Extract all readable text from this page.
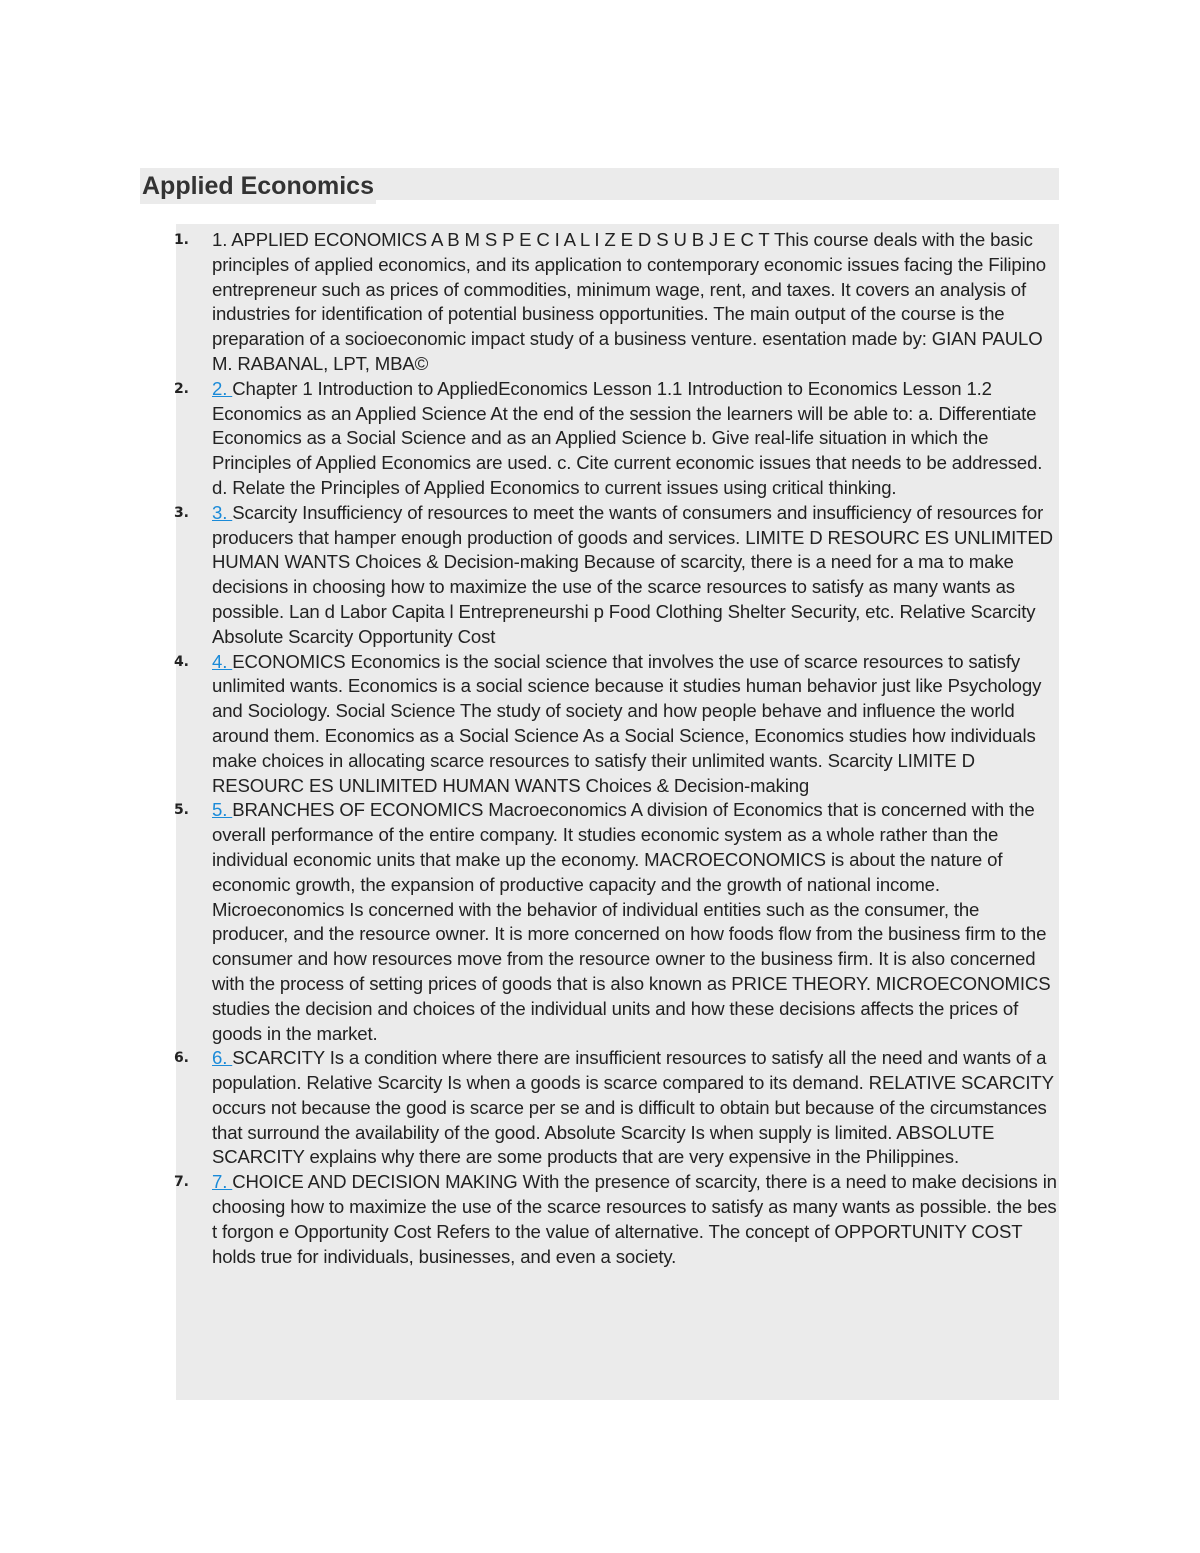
Applied Economics
1. 1. APPLIED ECONOMICS A B M S P E C I A L I Z E D S U B J E C T This course deals with the basic principles of applied economics, and its application to contemporary economic issues facing the Filipino entrepreneur such as prices of commodities, minimum wage, rent, and taxes. It covers an analysis of industries for identification of potential business opportunities. The main output of the course is the preparation of a socioeconomic impact study of a business venture. esentation made by: GIAN PAULO M. RABANAL, LPT, MBA©
2. 2. Chapter 1 Introduction to AppliedEconomics Lesson 1.1 Introduction to Economics Lesson 1.2 Economics as an Applied Science At the end of the session the learners will be able to: a. Differentiate Economics as a Social Science and as an Applied Science b. Give real-life situation in which the Principles of Applied Economics are used. c. Cite current economic issues that needs to be addressed. d. Relate the Principles of Applied Economics to current issues using critical thinking.
3. 3. Scarcity Insufficiency of resources to meet the wants of consumers and insufficiency of resources for producers that hamper enough production of goods and services. LIMITE D RESOURC ES UNLIMITED HUMAN WANTS Choices & Decision-making Because of scarcity, there is a need for a ma to make decisions in choosing how to maximize the use of the scarce resources to satisfy as many wants as possible. Lan d Labor Capita l Entrepreneurshi p Food Clothing Shelter Security, etc. Relative Scarcity Absolute Scarcity Opportunity Cost
4. 4. ECONOMICS Economics is the social science that involves the use of scarce resources to satisfy unlimited wants. Economics is a social science because it studies human behavior just like Psychology and Sociology. Social Science The study of society and how people behave and influence the world around them. Economics as a Social Science As a Social Science, Economics studies how individuals make choices in allocating scarce resources to satisfy their unlimited wants. Scarcity LIMITE D RESOURC ES UNLIMITED HUMAN WANTS Choices & Decision-making
5. 5. BRANCHES OF ECONOMICS Macroeconomics A division of Economics that is concerned with the overall performance of the entire company. It studies economic system as a whole rather than the individual economic units that make up the economy. MACROECONOMICS is about the nature of economic growth, the expansion of productive capacity and the growth of national income. Microeconomics Is concerned with the behavior of individual entities such as the consumer, the producer, and the resource owner. It is more concerned on how foods flow from the business firm to the consumer and how resources move from the resource owner to the business firm. It is also concerned with the process of setting prices of goods that is also known as PRICE THEORY. MICROECONOMICS studies the decision and choices of the individual units and how these decisions affects the prices of goods in the market.
6. 6. SCARCITY Is a condition where there are insufficient resources to satisfy all the need and wants of a population. Relative Scarcity Is when a goods is scarce compared to its demand. RELATIVE SCARCITY occurs not because the good is scarce per se and is difficult to obtain but because of the circumstances that surround the availability of the good. Absolute Scarcity Is when supply is limited. ABSOLUTE SCARCITY explains why there are some products that are very expensive in the Philippines.
7. 7. CHOICE AND DECISION MAKING With the presence of scarcity, there is a need to make decisions in choosing how to maximize the use of the scarce resources to satisfy as many wants as possible. the bes t forgon e Opportunity Cost Refers to the value of alternative. The concept of OPPORTUNITY COST holds true for individuals, businesses, and even a society.
